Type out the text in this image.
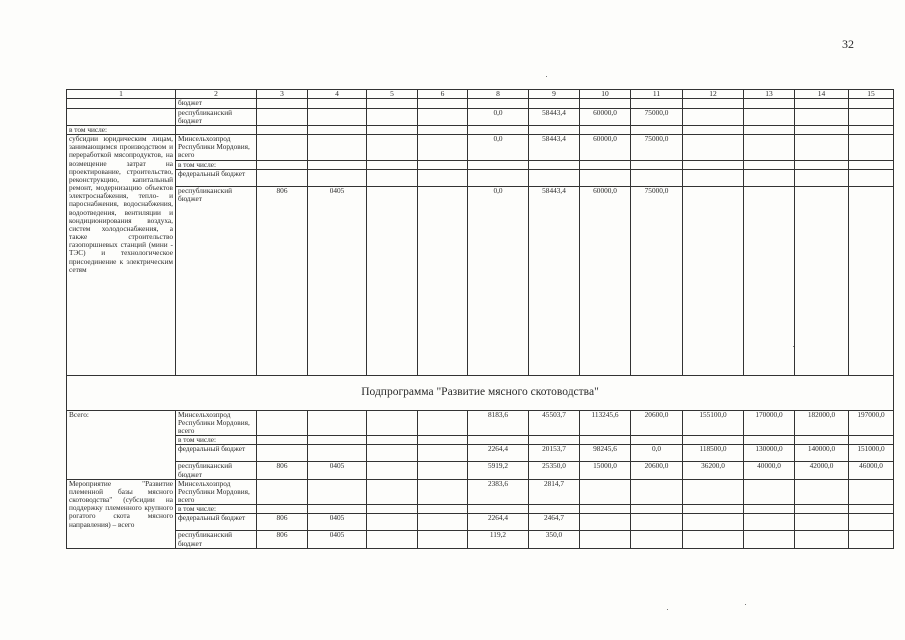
32
1	2	3	4	5	6	8	9	10	11	12	13	14	15
	бюджет												
	республиканский бюджет					0,0	58443,4	60000,0	75000,0				
в том числе:													
субсидии юридическим лицам, занимающимся производством и переработкой мясопродуктов, на возмещение затрат на проектирование, строительство, реконструкцию, капитальный ремонт, модернизацию объектов электроснабжения, тепло- и пароснабжения, водоснабжения, водоотведения, вентиляции и кондиционирования воздуха, систем холодоснабжения, а также строительство газопоршневых станций (мини - ТЭС) и технологическое присоединение к электрическим сетям	Минсельхозпрод Республики Мордовия, всего					0,0	58443,4	60000,0	75000,0				
	в том числе:												
	федеральный бюджет												
	республиканский бюджет	806	0405			0,0	58443,4	60000,0	75000,0				
Подпрограмма "Развитие мясного скотоводства"													
Всего:	Минсельхозпрод Республики Мордовия, всего					8183,6	45503,7	113245,6	20600,0	155100,0	170000,0	182000,0	197000,0
	в том числе:												
	федеральный бюджет					2264,4	20153,7	98245,6	0,0	118500,0	130000,0	140000,0	151000,0
	республиканский бюджет	806	0405			5919,2	25350,0	15000,0	20600,0	36200,0	40000,0	42000,0	46000,0
Мероприятие "Развитие племенной базы мясного скотоводства" (субсидии на поддержку племенного крупного рогатого скота мясного направления) – всего	Минсельхозпрод Республики Мордовия, всего					2383,6	2814,7						
	в том числе:												
	федеральный бюджет	806	0405			2264,4	2464,7						
	республиканский бюджет	806	0405			119,2	350,0						
